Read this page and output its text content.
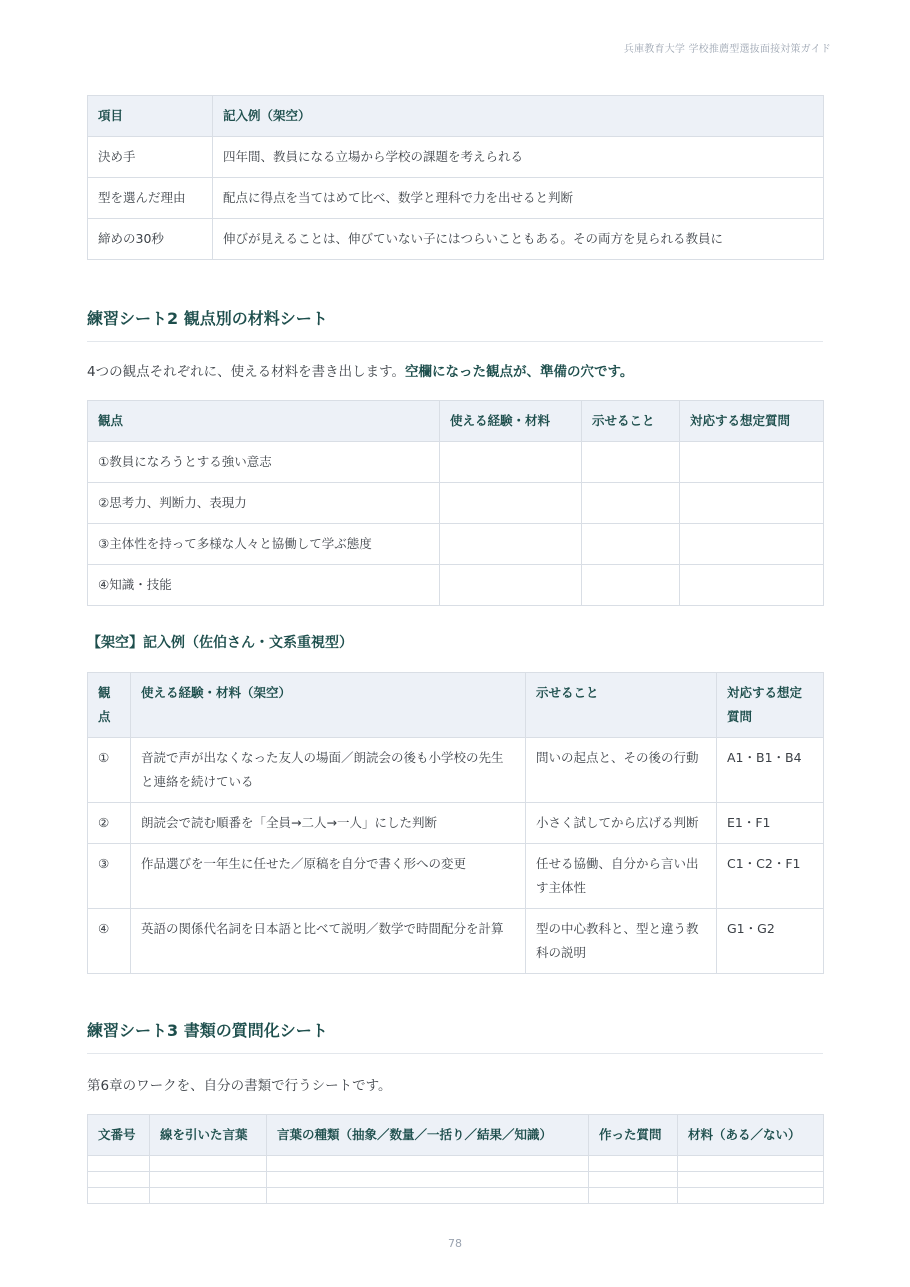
兵庫教育大学 学校推薦型選抜面接対策ガイド
項目	記入例（架空）
決め手	四年間、教員になる立場から学校の課題を考えられる
型を選んだ理由	配点に得点を当てはめて比べ、数学と理科で力を出せると判断
締めの30秒	伸びが見えることは、伸びていない子にはつらいこともある。その両方を見られる教員に
練習シート2 観点別の材料シート

4つの観点それぞれに、使える材料を書き出します。空欄になった観点が、準備の穴です。

観点	使える経験・材料	示せること	対応する想定質問
①教員になろうとする強い意志			
②思考力、判断力、表現力			
③主体性を持って多様な人々と協働して学ぶ態度			
④知識・技能			
【架空】記入例（佐伯さん・文系重視型）
観点	使える経験・材料（架空）	示せること	対応する想定質問
①	音読で声が出なくなった友人の場面／朗読会の後も小学校の先生と連絡を続けている	問いの起点と、その後の行動	A1・B1・B4
②	朗読会で読む順番を「全員→二人→一人」にした判断	小さく試してから広げる判断	E1・F1
③	作品選びを一年生に任せた／原稿を自分で書く形への変更	任せる協働、自分から言い出す主体性	C1・C2・F1
④	英語の関係代名詞を日本語と比べて説明／数学で時間配分を計算	型の中心教科と、型と違う教科の説明	G1・G2
練習シート3 書類の質問化シート

第6章のワークを、自分の書類で行うシートです。

文番号	線を引いた言葉	言葉の種類（抽象／数量／一括り／結果／知識）	作った質問	材料（ある／ない）

78
